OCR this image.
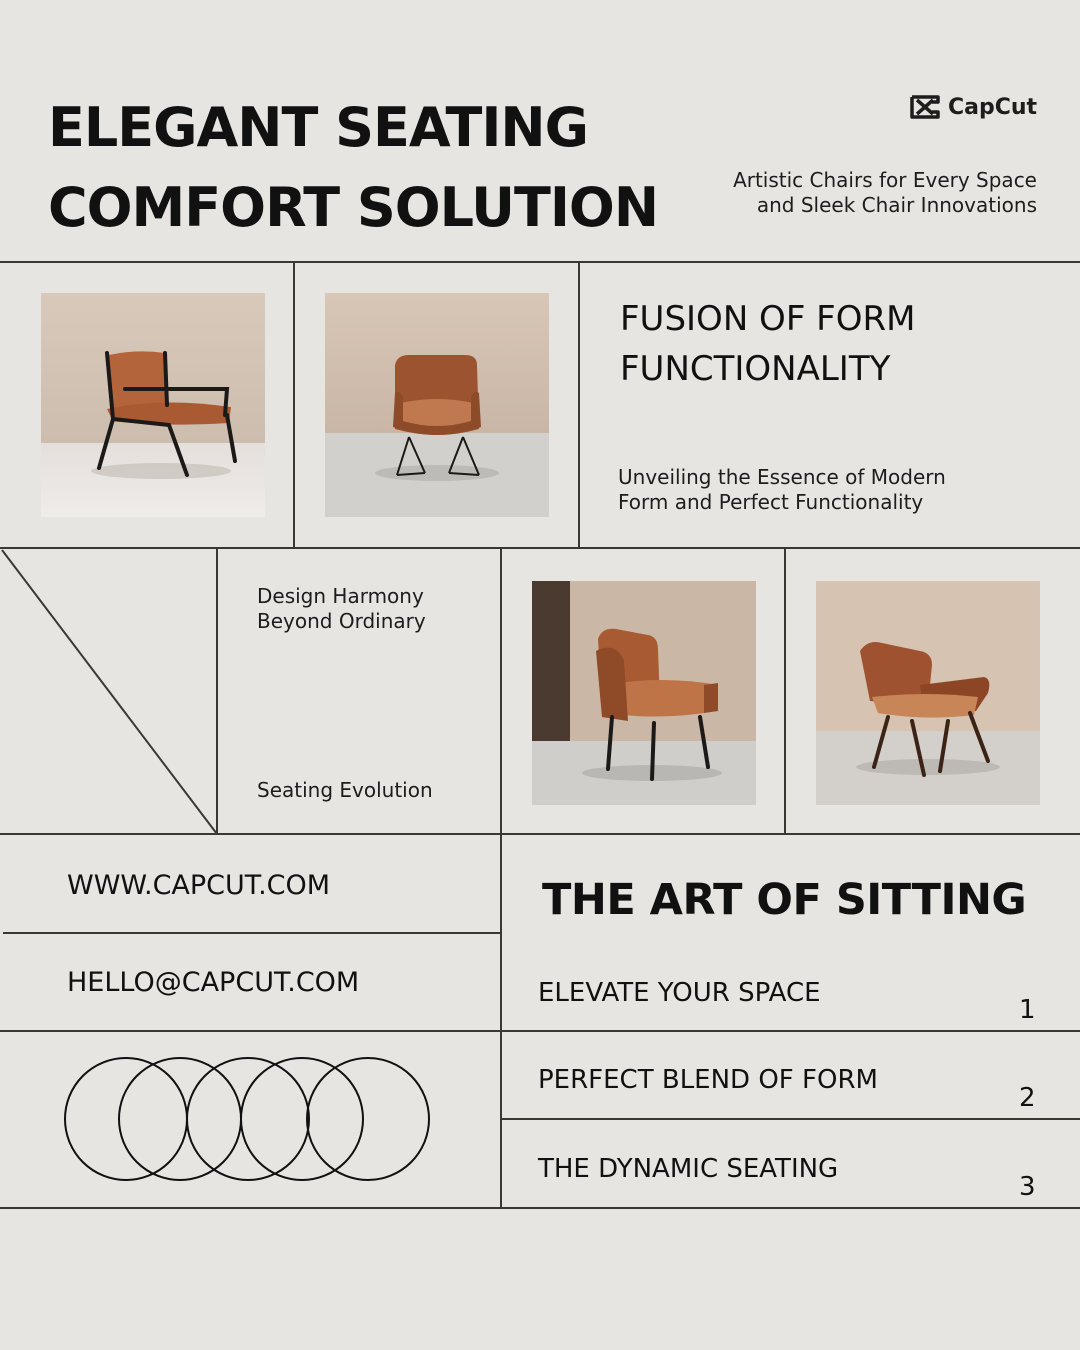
ELEGANT SEATING
COMFORT SOLUTION
CapCut
Artistic Chairs for Every Space
and Sleek Chair Innovations
FUSION OF FORM
FUNCTIONALITY
Unveiling the Essence of Modern
Form and Perfect Functionality
Design Harmony
Beyond Ordinary
Seating Evolution
WWW.CAPCUT.COM
HELLO@CAPCUT.COM
THE ART OF SITTING
ELEVATE YOUR SPACE
1
PERFECT BLEND OF FORM
2
THE DYNAMIC SEATING
3
